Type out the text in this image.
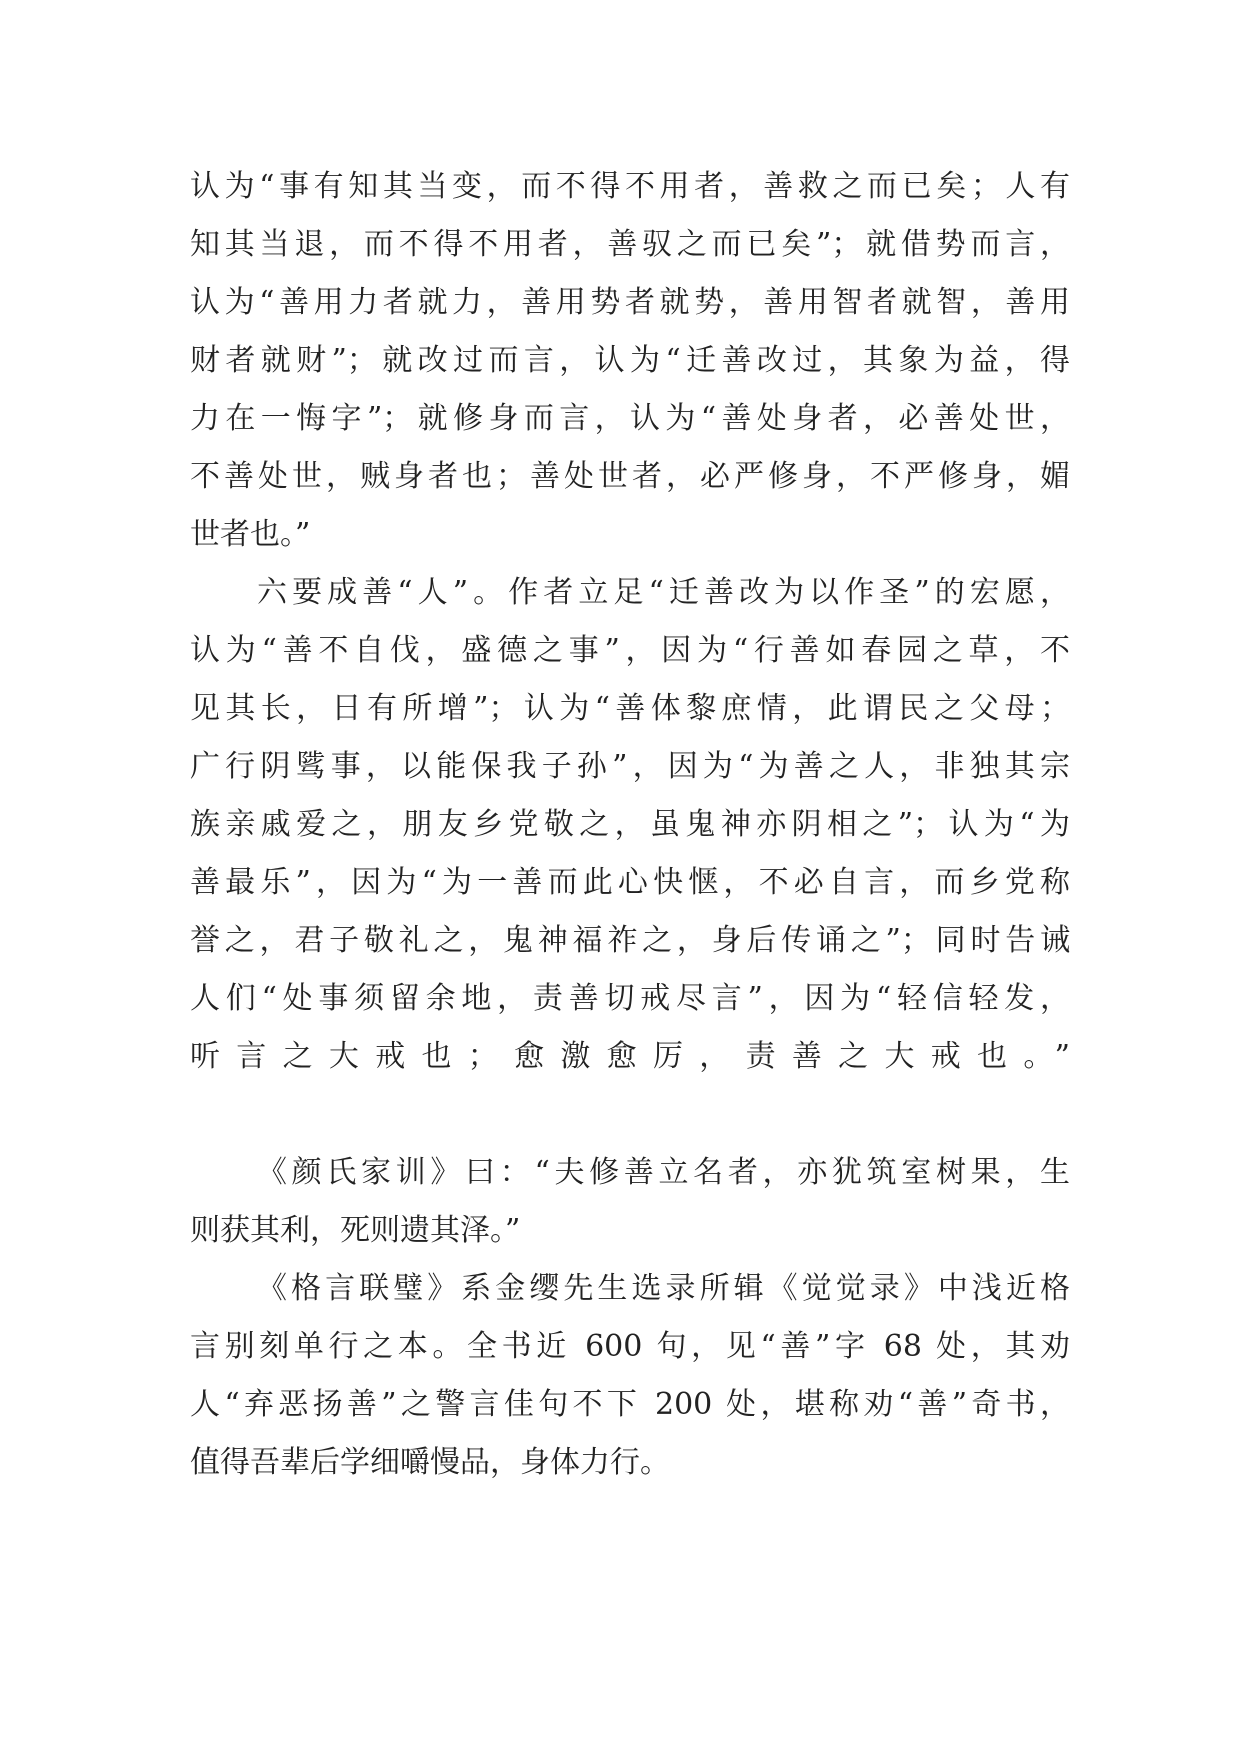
认为“事有知其当变，而不得不用者，善救之而已矣；人有
知其当退，而不得不用者，善驭之而已矣”；就借势而言，
认为“善用力者就力，善用势者就势，善用智者就智，善用
财者就财”；就改过而言，认为“迁善改过，其象为益，得
力在一悔字”；就修身而言，认为“善处身者，必善处世，
不善处世，贼身者也；善处世者，必严修身，不严修身，媚
世者也。”
六要成善“人”。作者立足“迁善改为以作圣”的宏愿，
认为“善不自伐，盛德之事”，因为“行善如春园之草，不
见其长，日有所增”；认为“善体黎庶情，此谓民之父母；
广行阴骘事，以能保我子孙”，因为“为善之人，非独其宗
族亲戚爱之，朋友乡党敬之，虽鬼神亦阴相之”；认为“为
善最乐”，因为“为一善而此心快惬，不必自言，而乡党称
誉之，君子敬礼之，鬼神福祚之，身后传诵之”；同时告诫
人们“处事须留余地，责善切戒尽言”，因为“轻信轻发，
听言之大戒也；愈激愈厉，责善之大戒也。”
《颜氏家训》曰：“夫修善立名者，亦犹筑室树果，生
则获其利，死则遗其泽。”
《格言联璧》系金缨先生选录所辑《觉觉录》中浅近格
言别刻单行之本。全书近 600 句，见“善”字 68 处，其劝
人“弃恶扬善”之警言佳句不下 200 处，堪称劝“善”奇书，
值得吾辈后学细嚼慢品，身体力行。
